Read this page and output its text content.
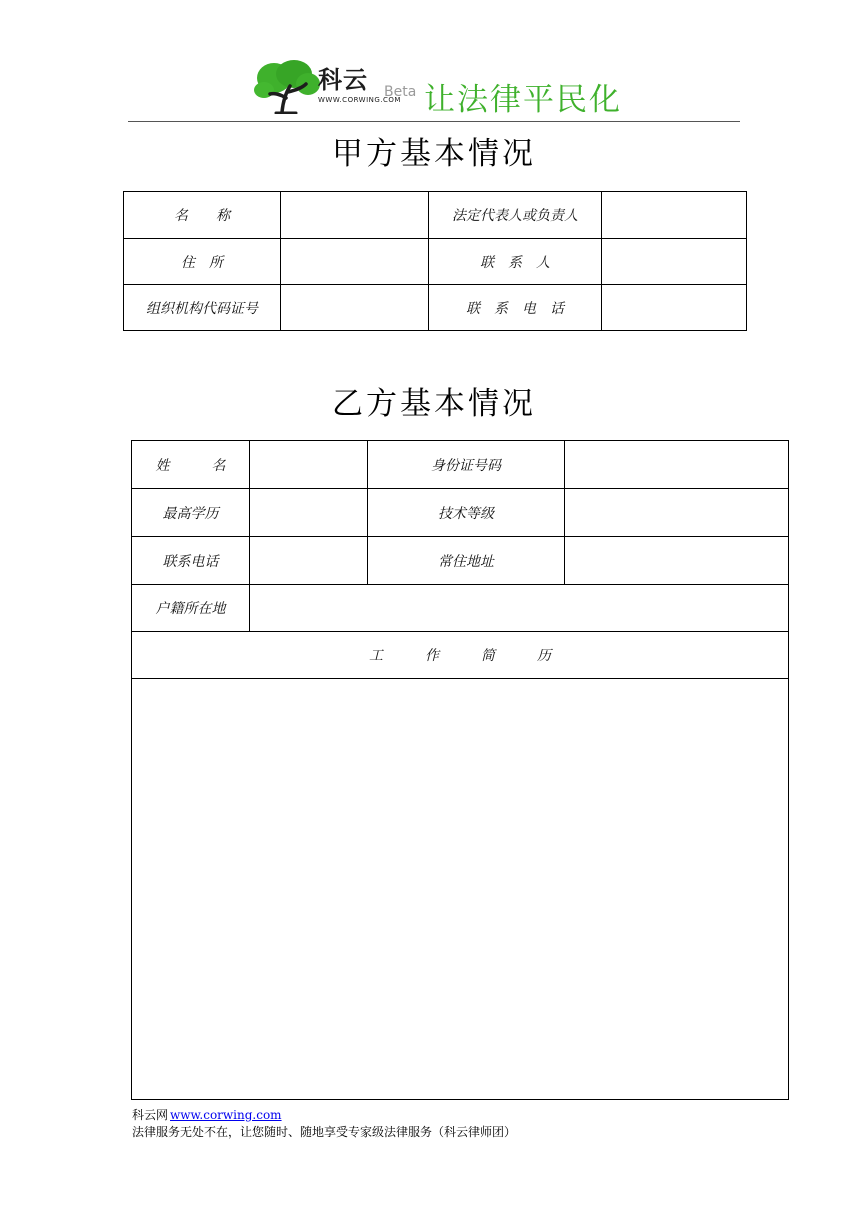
科云
WWW.CORWING.COM
Beta 让法律平民化
甲方基本情况
名　　称		法定代表人或负责人	
住　所		联　系　人	
组织机构代码证号		联　系　电　话	
乙方基本情况
姓　　　名		身份证号码	
最高学历		技术等级	
联系电话		常住地址	
户籍所在地			
工　　　作　　　简　　　历			

科云网 www.corwing.com
法律服务无处不在，让您随时、随地享受专家级法律服务（科云律师团）
